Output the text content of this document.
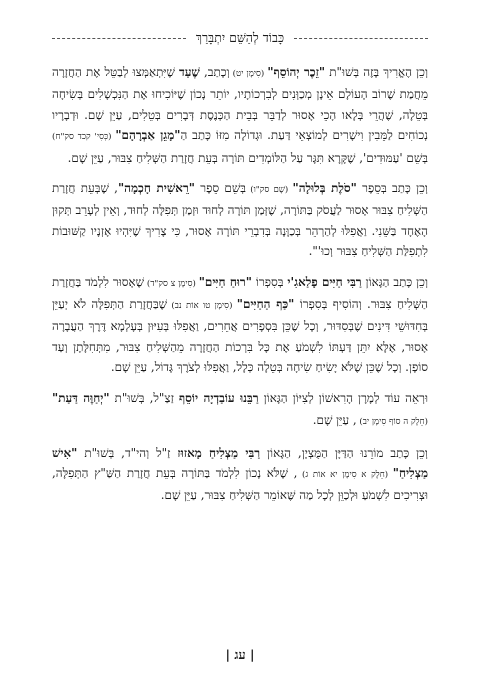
כָּבוֹד לְהַשֵּׁם יִתְבָּרַךְ

וְכֵן הֶאֱרִיךְ בָּזֶה בְּשׁוּ"ת "זֵכֶר יְהוֹסֵף" (סִימָן יט) וְכָתַב, שֶׁעַד שֶׁיִּתְאַמְּצוּ לְבַטֵּל אֶת הַחֲזָרָה מֵחֲמַת שֶׁרוֹב הָעוֹלָם אֵינָן מְכַוְּנִים לְבִרְכוֹתָיו, יוֹתֵר נָכוֹן שֶׁיּוֹכִיחוּ אֶת הַנִּכְשָׁלִים בְּשִׂיחָה בְּטֵלָה, שֶׁהֲרֵי בְּלָאו הָכֵי אָסוּר לְדַבֵּר בְּבֵית הַכְּנֶסֶת דְּבָרִים בְּטֵלִים, עַיֵּן שָׁם. וּדְבָרָיו נְכוֹחִים לַמֵּבִין וִישָׁרִים לְמוֹצְאֵי דַּעַת. וּגְדוֹלָה מִזּוֹ כָּתַב הַ"מָגֵן אַבְרָהָם" (כְּסִי' קכד סק"ח) בְּשֵׁם 'עַמּוּדִים', שֶׁקָּרָא תִּגָּר עַל הַלּוֹמְדִים תּוֹרָה בְּעֵת חֲזָרַת הַשְּׁלִיחַ צִבּוּר, עַיֵּן שָׁם.

וְכֵן כָּתַב בְּסֵפֶר "סֹלֶת בְּלוּלָה" (שָׁם סק"ו) בְּשֵׁם סֵפֶר "רֵאשִׁית חָכְמָה", שֶׁבְּעֵת חֲזָרַת הַשְּׁלִיחַ צִבּוּר אָסוּר לַעֲסֹק בַּתּוֹרָה, שֶׁזְּמַן תּוֹרָה לְחוּד וּזְמַן תְּפִלָּה לְחוּד, וְאֵין לְעָרֵב תְּקוּן הָאֶחָד בַּשֵּׁנִי. וַאֲפִלּוּ לְהַרְהֵר בְּכַוָּנָה בְּדִבְרֵי תּוֹרָה אָסוּר, כִּי צָרִיךְ שֶׁיִּהְיוּ אָזְנָיו קַשּׁוּבוֹת לִתְפִלַּת הַשְּׁלִיחַ צִבּוּר וְכוּ'".

וְכֵן כָּתַב הַגָּאוֹן רַבִּי חַיִּים פָלַאגִ'י בְּסִפְרוֹ "רוּחַ חַיִּים" (סִימָן צ סק"ד) שֶׁאָסוּר לִלְמֹד בַּחֲזָרַת הַשְּׁלִיחַ צִבּוּר. וְהוֹסִיף בְּסִפְרוֹ "כַּף הַחַיִּים" (סִימָן טו אוֹת נב) שֶׁבַּחֲזָרַת הַתְּפִלָּה לֹא יְעַיֵּן בְּחִדּוּשֵׁי דִּינִים שֶׁבְּסִדּוּר, וְכָל שֶׁכֵּן בִּסְפָרִים אֲחֵרִים, וַאֲפִלּוּ בְּעִיּוּן בְּעָלְמָא דֶּרֶךְ הַעֲבָרָה אָסוּר, אֶלָּא יִתֵּן דַּעְתּוֹ לִשְׁמֹעַ אֶת כָּל בִּרְכוֹת הַחֲזָרָה מֵהַשְּׁלִיחַ צִבּוּר, מִתְּחִלָּתָן וְעַד סוֹפָן. וְכָל שֶׁכֵּן שֶׁלֹּא יָשִׂיחַ שִׂיחָה בְּטֵלָה כְּלָל, וַאֲפִלּוּ לְצֹרֶךְ גָּדוֹל, עַיֵּן שָׁם.

וּרְאֵה עוֹד לְמָרָן הָרִאשׁוֹן לְצִיּוֹן הַגָּאוֹן רַבֵּנוּ עוֹבַדְיָה יוֹסֵף זַצַ"ל, בְּשׁוּ"ת "יְחַוֶּה דַּעַת" (חֵלֶק ה סוֹף סִימָן יב) , עַיֵּן שָׁם.

וְכֵן כָּתַב מוֹרֵנוּ הַדַּיָּן הַמֻּצְיָן, הַגָּאוֹן רַבִּי מַצְלִיחַ מָאזוּז זַ"ל וְהי"ד, בְּשׁוּ"ת "אִישׁ מַצְלִיחַ" (חֵלֶק א סִימָן יא אוֹת ג) , שֶׁלֹּא נָכוֹן לִלְמֹד בַּתּוֹרָה בְּעֵת חֲזָרַת הַשַּׁ"ץ הַתְּפִלָּה, וּצְרִיכִים לִשְׁמֹעַ וּלְכַוֵּן לְכָל מַה שֶּׁאוֹמֵר הַשְּׁלִיחַ צִבּוּר, עַיֵּן שָׁם.

| עג |
